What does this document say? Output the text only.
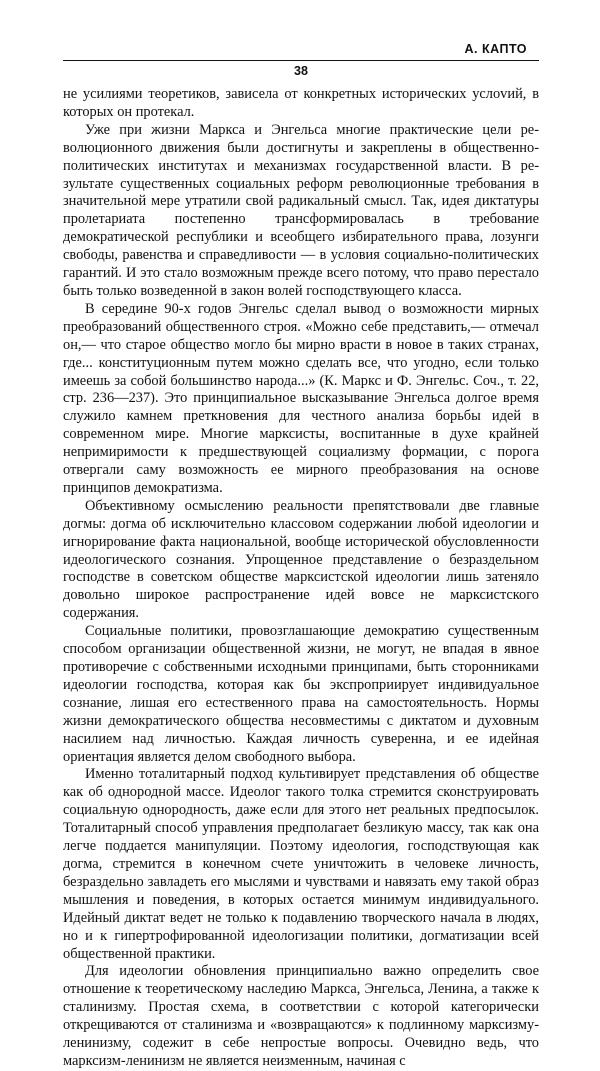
А. КАПТО
38

не усилиями теоретиков, зависела от конкретных исторических услоvий, в которых он протекал.

Уже при жизни Маркса и Энгельса многие практические цели революционного движения были достигнуты и закреплены в общественно-политических институтах и механизмах государственной власти. В результате существенных социальных реформ революционные требования в значительной мере утратили свой радикальный смысл. Так, идея диктатуры пролетариата постепенно трансформировалась в требование демократической республики и всеобщего избирательного права, лозунги свободы, равенства и справедливости — в условия социально-политических гарантий. И это стало возможным прежде всего потому, что право перестало быть только возведенной в закон волей господствующего класса.

В середине 90-х годов Энгельс сделал вывод о возможности мирных преобразований общественного строя. «Можно себе представить,— отмечал он,— что старое общество могло бы мирно врасти в новое в таких странах, где... конституционным путем можно сделать все, что угодно, если только имеешь за собой большинство народа...» (К. Маркс и Ф. Энгельс. Соч., т. 22, стр. 236—237). Это принципиальное высказывание Энгельса долгое время служило камнем преткновения для честного анализа борьбы идей в современном мире. Многие марксисты, воспитанные в духе крайней непримиримости к предшествующей социализму формации, с порога отвергали саму возможность ее мирного преобразования на основе принципов демократизма.

Объективному осмыслению реальности препятствовали две главные догмы: догма об исключительно классовом содержании любой идеологии и игнорирование факта национальной, вообще исторической обусловленности идеологического сознания. Упрощенное представление о безраздельном господстве в советском обществе марксистской идеологии лишь затеняло довольно широкое распространение идей вовсе не марксистского содержания.

Социальные политики, провозглашающие демократию существенным способом организации общественной жизни, не могут, не впадая в явное противоречие с собственными исходными принципами, быть сторонниками идеологии господства, которая как бы экспроприирует индивидуальное сознание, лишая его естественного права на самостоятельность. Нормы жизни демократического общества несовместимы с диктатом и духовным насилием над личностью. Каждая личность суверенна, и ее идейная ориентация является делом свободного выбора.

Именно тоталитарный подход культивирует представления об обществе как об однородной массе. Идеолог такого толка стремится сконструировать социальную однородность, даже если для этого нет реальных предпосылок. Тоталитарный способ управления предполагает безликую массу, так как она легче поддается манипуляции. Поэтому идеология, господствующая как догма, стремится в конечном счете уничтожить в человеке личность, безраздельно завладеть его мыслями и чувствами и навязать ему такой образ мышления и поведения, в которых остается минимум индивидуального. Идейный диктат ведет не только к подавлению творческого начала в людях, но и к гипертрофированной идеологизации политики, догматизации всей общественной практики.

Для идеологии обновления принципиально важно определить свое отношение к теоретическому наследию Маркса, Энгельса, Ленина, а также к сталинизму. Простая схема, в соответствии с которой категорически открещиваются от сталинизма и «возвращаются» к подлинному марксизму-ленинизму, содежит в себе непростые вопросы. Очевидно ведь, что марксизм-ленинизм не является неизменным, начиная с
